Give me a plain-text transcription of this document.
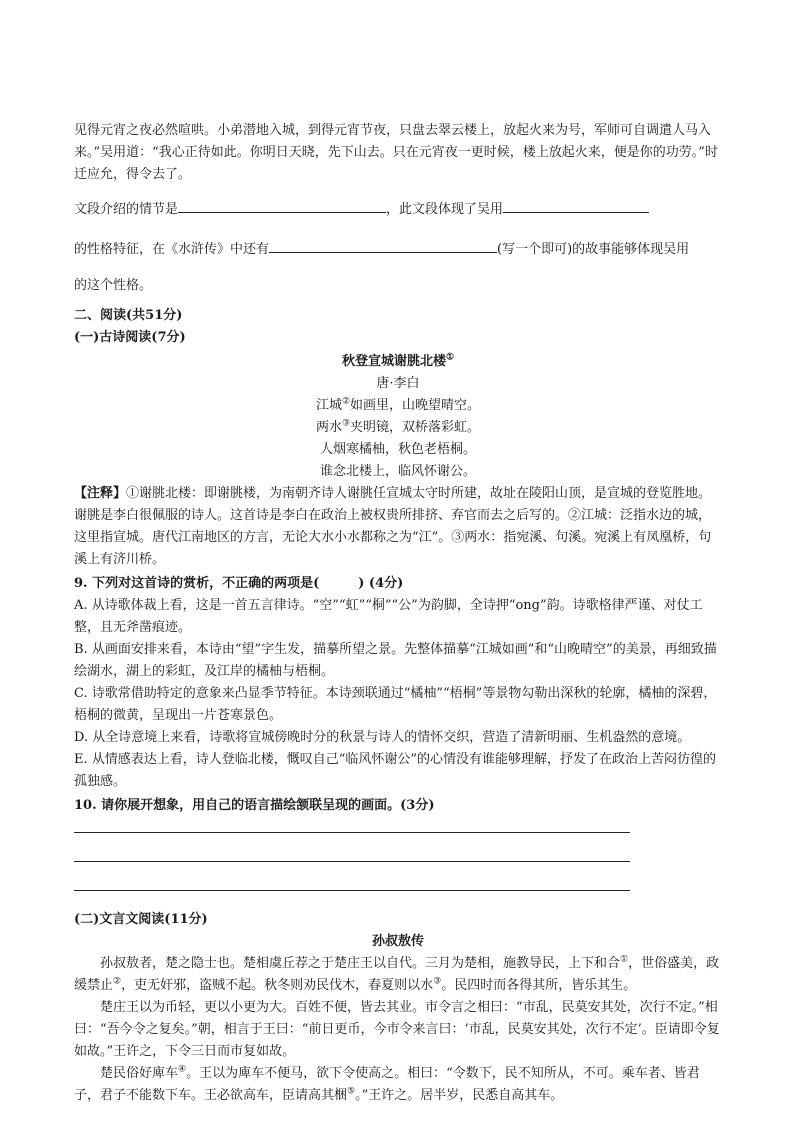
见得元宵之夜必然喧哄。小弟潜地入城，到得元宵节夜，只盘去翠云楼上，放起火来为号，军师可自调遣人马入来。”吴用道：“我心正待如此。你明日天晓，先下山去。只在元宵夜一更时候，楼上放起火来，便是你的功劳。”时迁应允，得令去了。

文段介绍的情节是	，此文段体现了吴用

的性格特征，在《水浒传》中还有	(写一个即可)的故事能够体现吴用

的这个性格。

二、阅读(共51分)

(一)古诗阅读(7分)

秋登宣城谢朓北楼①

唐·李白

江城②如画里，山晚望晴空。

两水③夹明镜，双桥落彩虹。

人烟寒橘柚，秋色老梧桐。

谁念北楼上，临风怀谢公。

【注释】①谢朓北楼：即谢朓楼，为南朝齐诗人谢朓任宣城太守时所建，故址在陵阳山顶，是宣城的登览胜地。谢朓是李白很佩服的诗人。这首诗是李白在政治上被权贵所排挤、弃官而去之后写的。②江城：泛指水边的城，这里指宣城。唐代江南地区的方言，无论大水小水都称之为“江”。③两水：指宛溪、句溪。宛溪上有凤凰桥，句溪上有济川桥。

9. 下列对这首诗的赏析，不正确的两项是(　　　) (4分)

A. 从诗歌体裁上看，这是一首五言律诗。“空”“虹”“桐”“公”为韵脚，全诗押“ong”韵。诗歌格律严谨、对仗工整，且无斧凿痕迹。

B. 从画面安排来看，本诗由“望”字生发，描摹所望之景。先整体描摹“江城如画”和“山晚晴空”的美景，再细致描绘湖水，湖上的彩虹，及江岸的橘柚与梧桐。

C. 诗歌常借助特定的意象来凸显季节特征。本诗颈联通过“橘柚”“梧桐”等景物勾勒出深秋的轮廓，橘柚的深碧，梧桐的微黄，呈现出一片苍寒景色。

D. 从全诗意境上来看，诗歌将宣城傍晚时分的秋景与诗人的情怀交织，营造了清新明丽、生机盎然的意境。

E. 从情感表达上看，诗人登临北楼，慨叹自己“临风怀谢公”的心情没有谁能够理解，抒发了在政治上苦闷彷徨的孤独感。

10. 请你展开想象，用自己的语言描绘颔联呈现的画面。(3分)

(二)文言文阅读(11分)

孙叔敖传

孙叔敖者，楚之隐士也。楚相虞丘荐之于楚庄王以自代。三月为楚相，施教导民，上下和合①，世俗盛美，政缓禁止②，吏无奸邪，盗贼不起。秋冬则劝民伐木，春夏则以水③。民四时而各得其所，皆乐其生。

楚庄王以为币轻，更以小更为大。百姓不便，皆去其业。市令言之相曰：“市乱，民莫安其处，次行不定。”相曰：“吾今令之复矣。”朝，相言于王曰：“前日更币，今市令来言曰：‘市乱，民莫安其处，次行不定’。臣请即令复如故。”王许之，下令三日而市复如故。

楚民俗好庳车④。王以为庳车不便马，欲下令使高之。相曰：“令数下，民不知所从，不可。乘车者、皆君子，君子不能数下车。王必欲高车，臣请高其梱⑤。”王许之。居半岁，民悉自高其车。
